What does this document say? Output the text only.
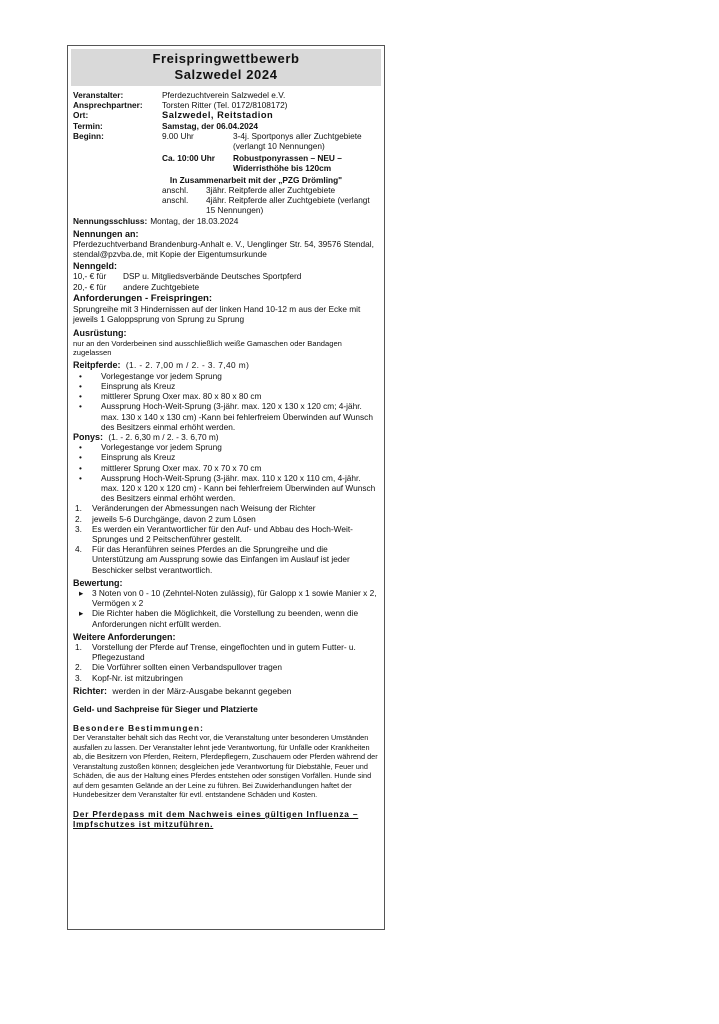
Freispringwettbewerb
Salzwedel 2024
Veranstalter:	Pferdezuchtverein Salzwedel e.V.
Ansprechpartner:	Torsten Ritter (Tel. 0172/8108172)
Ort:	Salzwedel, Reitstadion
Termin:	Samstag, der 06.04.2024
Beginn:	9.00 Uhr	3-4j. Sportponys aller Zuchtgebiete (verlangt 10 Nennungen)
Ca. 10:00 Uhr	Robustponyrassen – NEU – Widerristhöhe bis 120cm
In Zusammenarbeit mit der „PZG Drömling"
anschl.	3jähr. Reitpferde aller Zuchtgebiete
anschl.	4jähr. Reitpferde aller Zuchtgebiete (verlangt 15 Nennungen)
Nennungsschluss: Montag, der 18.03.2024
Nennungen an:
Pferdezuchtverband Brandenburg-Anhalt e. V., Uenglinger Str. 54, 39576 Stendal, stendal@pzvba.de, mit Kopie der Eigentumsurkunde
Nenngeld:
10,- € für	DSP u. Mitgliedsverbände Deutsches Sportpferd
20,- € für	andere Zuchtgebiete
Anforderungen - Freispringen:
Sprungreihe mit 3 Hindernissen auf der linken Hand 10-12 m aus der Ecke mit jeweils 1 Galoppsprung von Sprung zu Sprung
Ausrüstung:
nur an den Vorderbeinen sind ausschließlich weiße Gamaschen oder Bandagen zugelassen
Reitpferde: (1. - 2. 7,00 m / 2. - 3. 7,40 m)
• Vorlegestange vor jedem Sprung
• Einsprung als Kreuz
• mittlerer Sprung Oxer max. 80 x 80 x 80 cm
• Aussprung Hoch-Weit-Sprung (3-jähr. max. 120 x 130 x 120 cm; 4-jähr. max. 130 x 140 x 130 cm) -Kann bei fehlerfreiem Überwinden auf Wunsch des Besitzers einmal erhöht werden.
Ponys: (1. - 2. 6,30 m / 2. - 3. 6,70 m)
• Vorlegestange vor jedem Sprung
• Einsprung als Kreuz
• mittlerer Sprung Oxer max. 70 x 70 x 70 cm
• Aussprung Hoch-Weit-Sprung (3-jähr. max. 110 x 120 x 110 cm, 4-jähr. max. 120 x 120 x 120 cm) - Kann bei fehlerfreiem Überwinden auf Wunsch des Besitzers einmal erhöht werden.
1. Veränderungen der Abmessungen nach Weisung der Richter
2. jeweils 5-6 Durchgänge, davon 2 zum Lösen
3. Es werden ein Verantwortlicher für den Auf- und Abbau des Hoch-Weit-Sprunges und 2 Peitschenführer gestellt.
4. Für das Heranführen seines Pferdes an die Sprungreihe und die Unterstützung am Aussprung sowie das Einfangen im Auslauf ist jeder Beschicker selbst verantwortlich.
Bewertung:
▸ 3 Noten von 0 - 10 (Zehntel-Noten zulässig), für Galopp x 1 sowie Manier x 2, Vermögen x 2
▸ Die Richter haben die Möglichkeit, die Vorstellung zu beenden, wenn die Anforderungen nicht erfüllt werden.
Weitere Anforderungen:
1. Vorstellung der Pferde auf Trense, eingeflochten und in gutem Futter- u. Pflegezustand
2. Die Vorführer sollten einen Verbandspullover tragen
3. Kopf-Nr. ist mitzubringen
Richter: werden in der März-Ausgabe bekannt gegeben
Geld- und Sachpreise für Sieger und Platzierte
Besondere Bestimmungen:
Der Veranstalter behält sich das Recht vor, die Veranstaltung unter besonderen Umständen ausfallen zu lassen. Der Veranstalter lehnt jede Verantwortung, für Unfälle oder Krankheiten ab, die Besitzern von Pferden, Reitern, Pferdepflegern, Zuschauern oder Pferden während der Veranstaltung zustoßen können; desgleichen jede Verantwortung für Diebstähle, Feuer und Schäden, die aus der Haltung eines Pferdes entstehen oder sonstigen Vorfällen. Hunde sind auf dem gesamten Gelände an der Leine zu führen. Bei Zuwiderhandlungen haftet der Hundebesitzer dem Veranstalter für evtl. entstandene Schäden und Kosten.
Der Pferdepass mit dem Nachweis eines gültigen Influenza – Impfschutzes ist mitzuführen.
